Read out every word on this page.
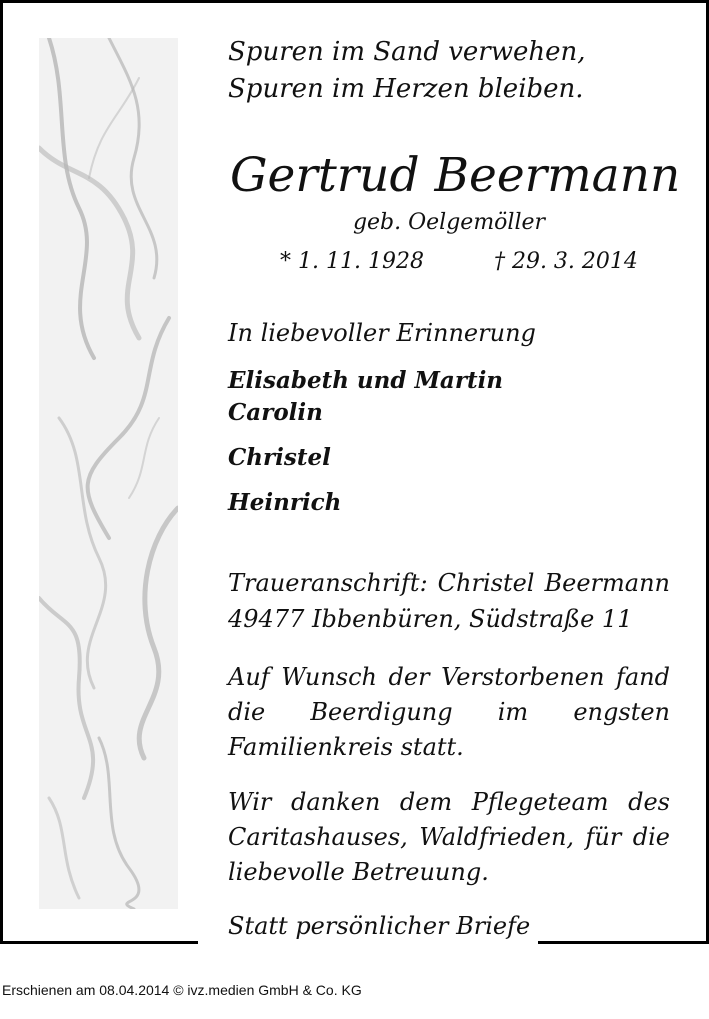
Spuren im Sand verwehen,
Spuren im Herzen bleiben.
Gertrud Beermann
geb. Oelgemöller
* 1. 11. 1928	† 29. 3. 2014
In liebevoller Erinnerung
Elisabeth und Martin
Carolin
Christel
Heinrich
Traueranschrift: Christel Beermann
49477 Ibbenbüren, Südstraße 11
Auf Wunsch der Verstorbenen fand die Beerdigung im engsten Familienkreis statt.
Wir danken dem Pflegeteam des Caritashauses, Waldfrieden, für die liebevolle Betreuung.
Statt persönlicher Briefe
Erschienen am 08.04.2014 © ivz.medien GmbH & Co. KG
